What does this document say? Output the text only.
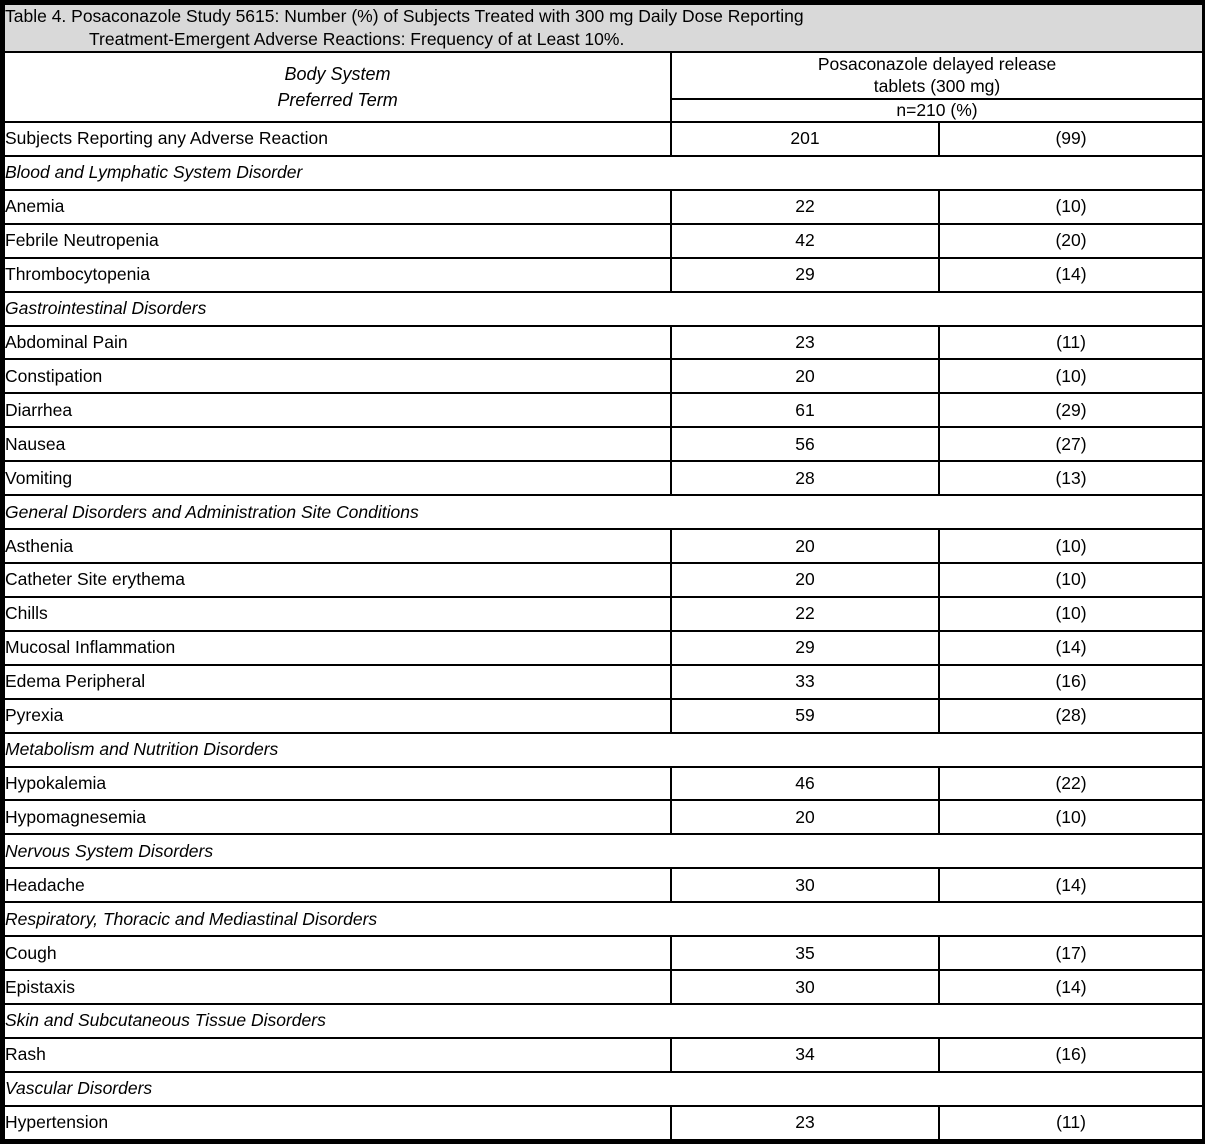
Table 4. Posaconazole Study 5615: Number (%) of Subjects Treated with 300 mg Daily Dose Reporting
Treatment-Emergent Adverse Reactions: Frequency of at Least 10%.		

Body System
Preferred Term	Posaconazole delayed release
tablets (300 mg)	
	n=210 (%)	
Subjects Reporting any Adverse Reaction	201	(99)
Blood and Lymphatic System Disorder		
Anemia	22	(10)
Febrile Neutropenia	42	(20)
Thrombocytopenia	29	(14)
Gastrointestinal Disorders		
Abdominal Pain	23	(11)
Constipation	20	(10)
Diarrhea	61	(29)
Nausea	56	(27)
Vomiting	28	(13)
General Disorders and Administration Site Conditions		
Asthenia	20	(10)
Catheter Site erythema	20	(10)
Chills	22	(10)
Mucosal Inflammation	29	(14)
Edema Peripheral	33	(16)
Pyrexia	59	(28)
Metabolism and Nutrition Disorders		
Hypokalemia	46	(22)
Hypomagnesemia	20	(10)
Nervous System Disorders		
Headache	30	(14)
Respiratory, Thoracic and Mediastinal Disorders		
Cough	35	(17)
Epistaxis	30	(14)
Skin and Subcutaneous Tissue Disorders		
Rash	34	(16)
Vascular Disorders		
Hypertension	23	(11)
